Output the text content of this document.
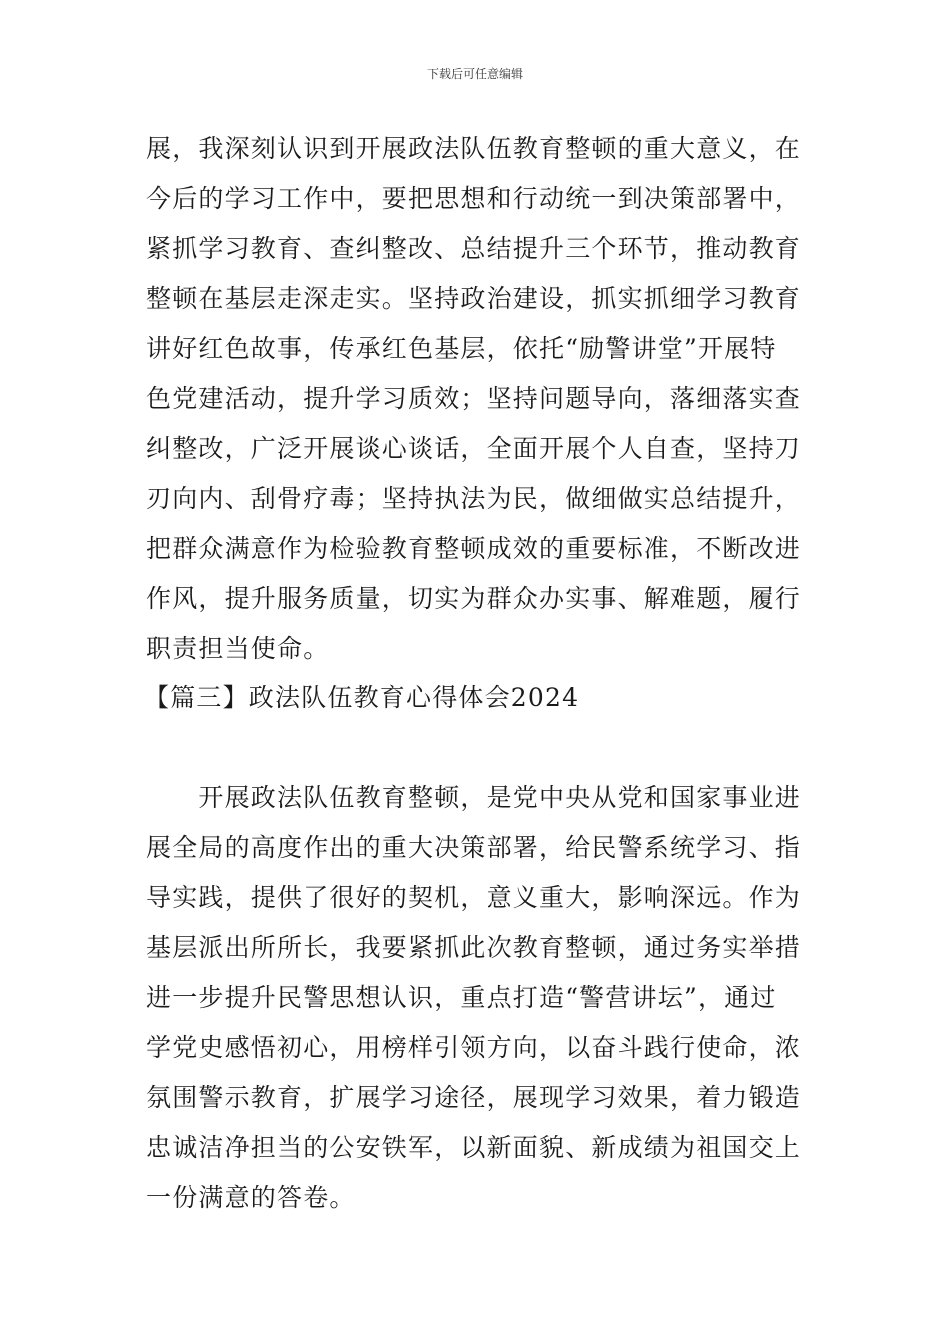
下载后可任意编辑
展，我深刻认识到开展政法队伍教育整顿的重大意义，在
今后的学习工作中，要把思想和行动统一到决策部署中，
紧抓学习教育、查纠整改、总结提升三个环节，推动教育
整顿在基层走深走实。坚持政治建设，抓实抓细学习教育
讲好红色故事，传承红色基层，依托“励警讲堂”开展特
色党建活动，提升学习质效；坚持问题导向，落细落实查
纠整改，广泛开展谈心谈话，全面开展个人自查，坚持刀
刃向内、刮骨疗毒；坚持执法为民，做细做实总结提升，
把群众满意作为检验教育整顿成效的重要标准，不断改进
作风，提升服务质量，切实为群众办实事、解难题，履行
职责担当使命。
【篇三】政法队伍教育心得体会2024
　　开展政法队伍教育整顿，是党中央从党和国家事业进
展全局的高度作出的重大决策部署，给民警系统学习、指
导实践，提供了很好的契机，意义重大，影响深远。作为
基层派出所所长，我要紧抓此次教育整顿，通过务实举措
进一步提升民警思想认识，重点打造“警营讲坛”，通过
学党史感悟初心，用榜样引领方向，以奋斗践行使命，浓
氛围警示教育，扩展学习途径，展现学习效果，着力锻造
忠诚洁净担当的公安铁军，以新面貌、新成绩为祖国交上
一份满意的答卷。
